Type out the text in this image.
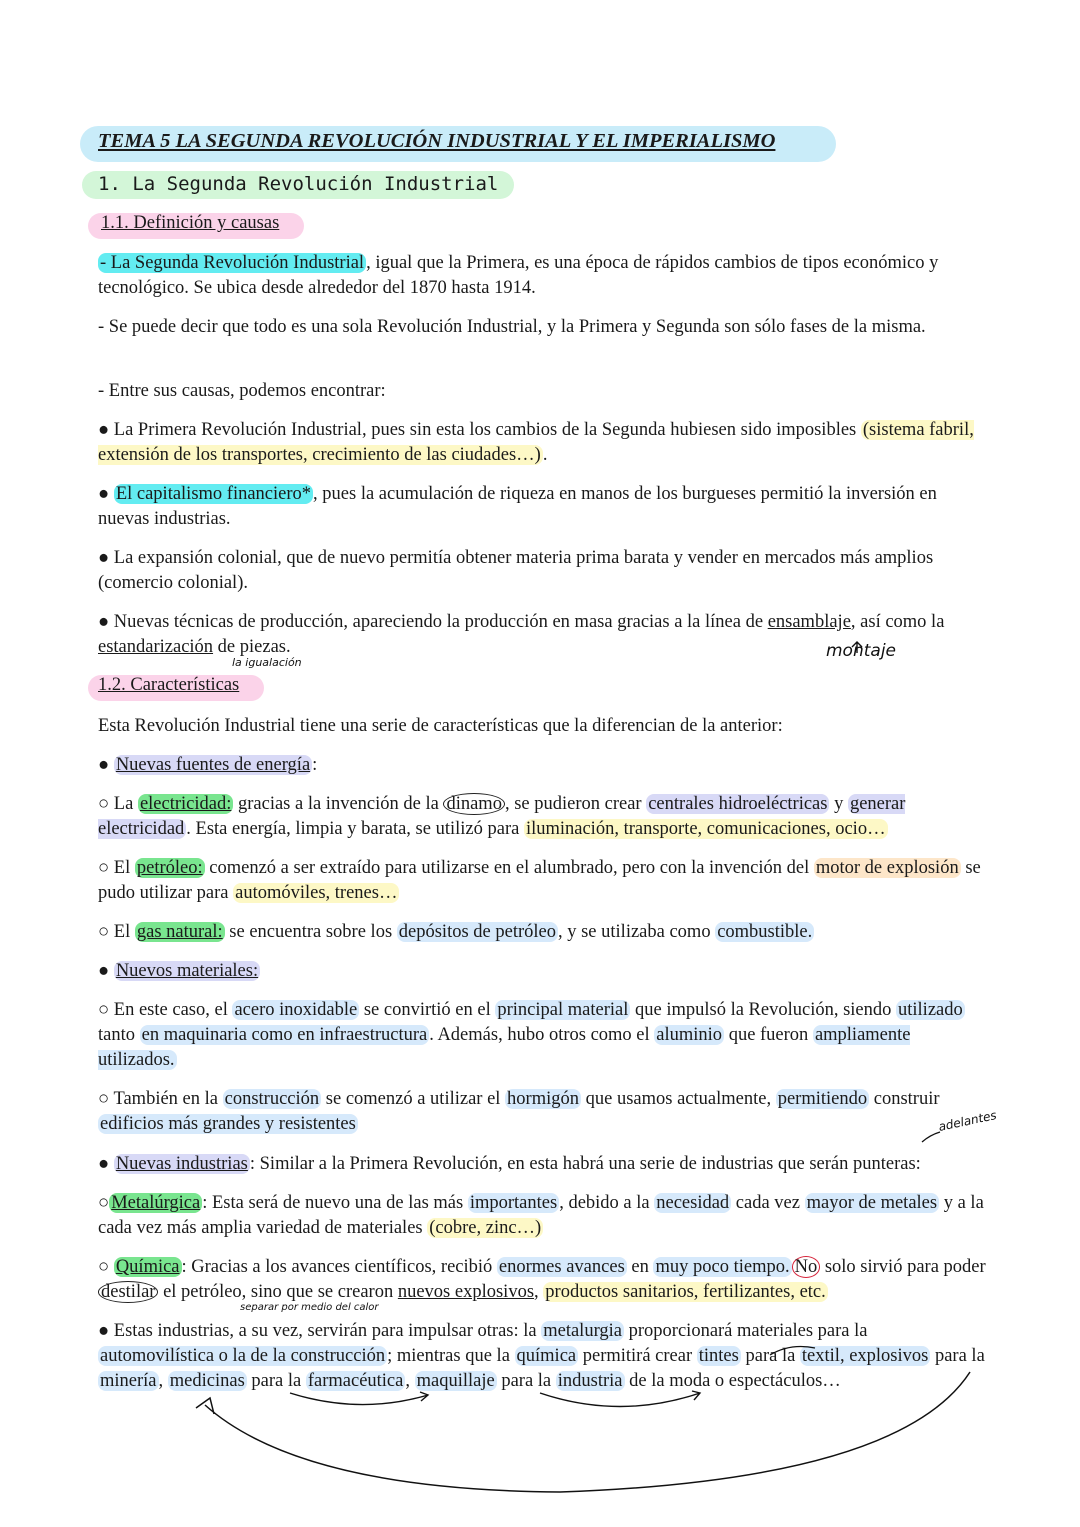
TEMA 5 LA SEGUNDA REVOLUCIÓN INDUSTRIAL Y EL IMPERIALISMO
1. La Segunda Revolución Industrial
1.1. Definición y causas

- La Segunda Revolución Industrial , igual que la Primera, es una época de rápidos cambios de tipos económico y tecnológico. Se ubica desde alrededor del 1870 hasta 1914.

- Se puede decir que todo es una sola Revolución Industrial, y la Primera y Segunda son sólo fases de la misma.

- Entre sus causas, podemos encontrar:

● La Primera Revolución Industrial, pues sin esta los cambios de la Segunda hubiesen sido imposibles (sistema fabril, extensión de los transportes, crecimiento de las ciudades…) .

● El capitalismo financiero* , pues la acumulación de riqueza en manos de los burgueses permitió la inversión en nuevas industrias.

● La expansión colonial, que de nuevo permitía obtener materia prima barata y vender en mercados más amplios (comercio colonial).

● Nuevas técnicas de producción, apareciendo la producción en masa gracias a la línea de ensamblaje, así como la estandarización de piezas.	montaje
la igualación
1.2. Características

Esta Revolución Industrial tiene una serie de características que la diferencian de la anterior:

● Nuevas fuentes de energía :

○ La electricidad: gracias a la invención de la dinamo , se pudieron crear centrales hidroeléctricas y generar electricidad . Esta energía, limpia y barata, se utilizó para iluminación, transporte, comunicaciones, ocio…

○ El petróleo: comenzó a ser extraído para utilizarse en el alumbrado, pero con la invención del motor de explosión se pudo utilizar para automóviles, trenes…

○ El gas natural: se encuentra sobre los depósitos de petróleo , y se utilizaba como combustible.

● Nuevos materiales:

○ En este caso, el acero inoxidable se convirtió en el principal material que impulsó la Revolución, siendo utilizado tanto en maquinaria como en infraestructura . Además, hubo otros como el aluminio que fueron ampliamente utilizados.

○ También en la construcción se comenzó a utilizar el hormigón que usamos actualmente, permitiendo construir edificios más grandes y resistentes	adelantes

● Nuevas industrias : Similar a la Primera Revolución, en esta habrá una serie de industrias que serán punteras:

○ Metalúrgica : Esta será de nuevo una de las más importantes , debido a la necesidad cada vez mayor de metales y a la cada vez más amplia variedad de materiales (cobre, zinc…)

○ Química : Gracias a los avances científicos, recibió enormes avances en muy poco tiempo. No solo sirvió para poder destilar el petróleo, sino que se crearon nuevos explosivos, productos sanitarios, fertilizantes, etc.

separar por medio del calor

● Estas industrias, a su vez, servirán para impulsar otras: la metalurgia proporcionará materiales para la automovilística o la de la construcción ; mientras que la química permitirá crear tintes para la textil, explosivos para la minería , medicinas para la farmacéutica , maquillaje para la industria de la moda o espectáculos…
